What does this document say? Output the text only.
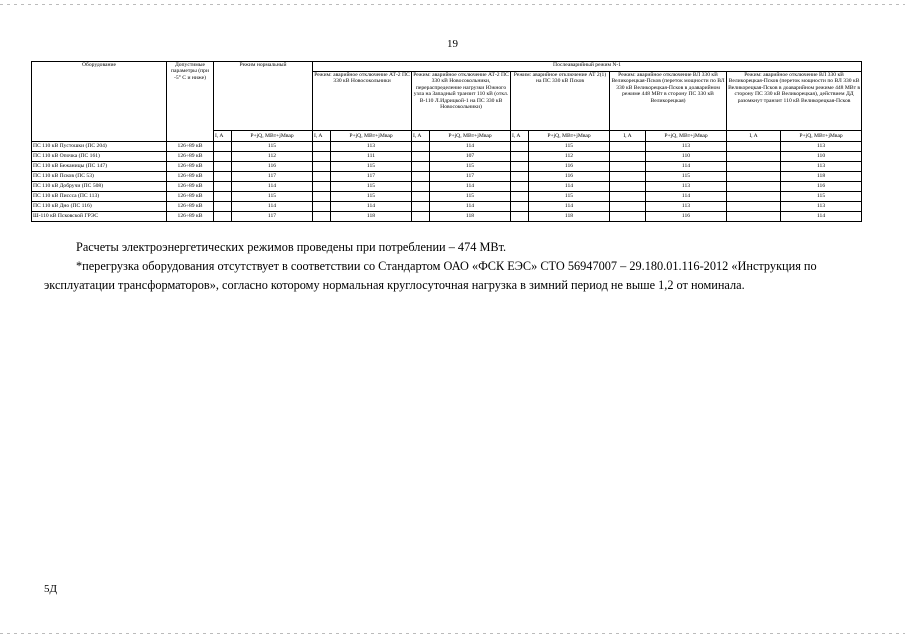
19
Оборудование	Допустимые параметры (при -5° С и ниже)	Режим нормальный		Послеаварийный режим N-1									
				Режим: аварийное отключение АТ-2 ПС 330 кВ Новосокольники		Режим: аварийное отключение АТ-2 ПС 330 кВ Новосокольники, перераспределение нагрузки Южного узла на Западный транзит 110 кВ (откл. В-110 Л.Идрицкой-1 на ПС 330 кВ Новосокольники)		Режим: аварийное отключение АТ 2(1) на ПС 330 кВ Псков		Режим: аварийное отключение ВЛ 330 кВ Великорецкая-Псков (переток мощности по ВЛ 330 кВ Великорецкая-Псков в доаварийном режиме 448 МВт в сторону ПС 330 кВ Великорецкая)		Режим: аварийное отключение ВЛ 330 кВ Великорецкая-Псков (переток мощности по ВЛ 330 кВ Великорецкая-Псков в доаварийном режиме 448 МВт в сторону ПС 330 кВ Великорецкая), действием ДД разомкнут транзит 110 кВ Великорецкая-Псков	
		I, A	P+jQ, МВт+jМвар	I, A	P+jQ, МВт+jМвар	I, A	P+jQ, МВт+jМвар	I, A	P+jQ, МВт+jМвар	I, A	P+jQ, МВт+jМвар	I, A	P+jQ, МВт+jМвар
ПС 110 кВ Пустошки (ПС 204)	126÷89 кВ		115		113		114		115		113		113
ПС 110 кВ Опочка (ПС 161)	126÷89 кВ		112		111		107		112		110		110
ПС 110 кВ Бежаницы (ПС 147)	126÷89 кВ		116		115		115		116		114		113
ПС 110 кВ Псков (ПС 53)	126÷89 кВ		117		117		117		116		115		118
ПС 110 кВ Добручи (ПС 508)	126÷89 кВ		114		115		114		114		113		116
ПС 110 кВ Писсса (ПС 113)	126÷89 кВ		115		115		115		115		114		115
ПС 110 кВ Дно (ПС 116)	126÷89 кВ		114		114		114		114		113		113
Ш-110 кВ Псковской ГРЭС	126÷89 кВ		117		118		118		118		116		114

Расчеты электроэнергетических режимов проведены при потреблении – 474 МВт.

*перегрузка оборудования отсутствует в соответствии со Стандартом ОАО «ФСК ЕЭС» СТО 56947007 – 29.180.01.116-2012 «Инструкция по эксплуатации трансформаторов», согласно которому нормальная круглосуточная нагрузка в зимний период не выше 1,2 от номинала.

5Д
